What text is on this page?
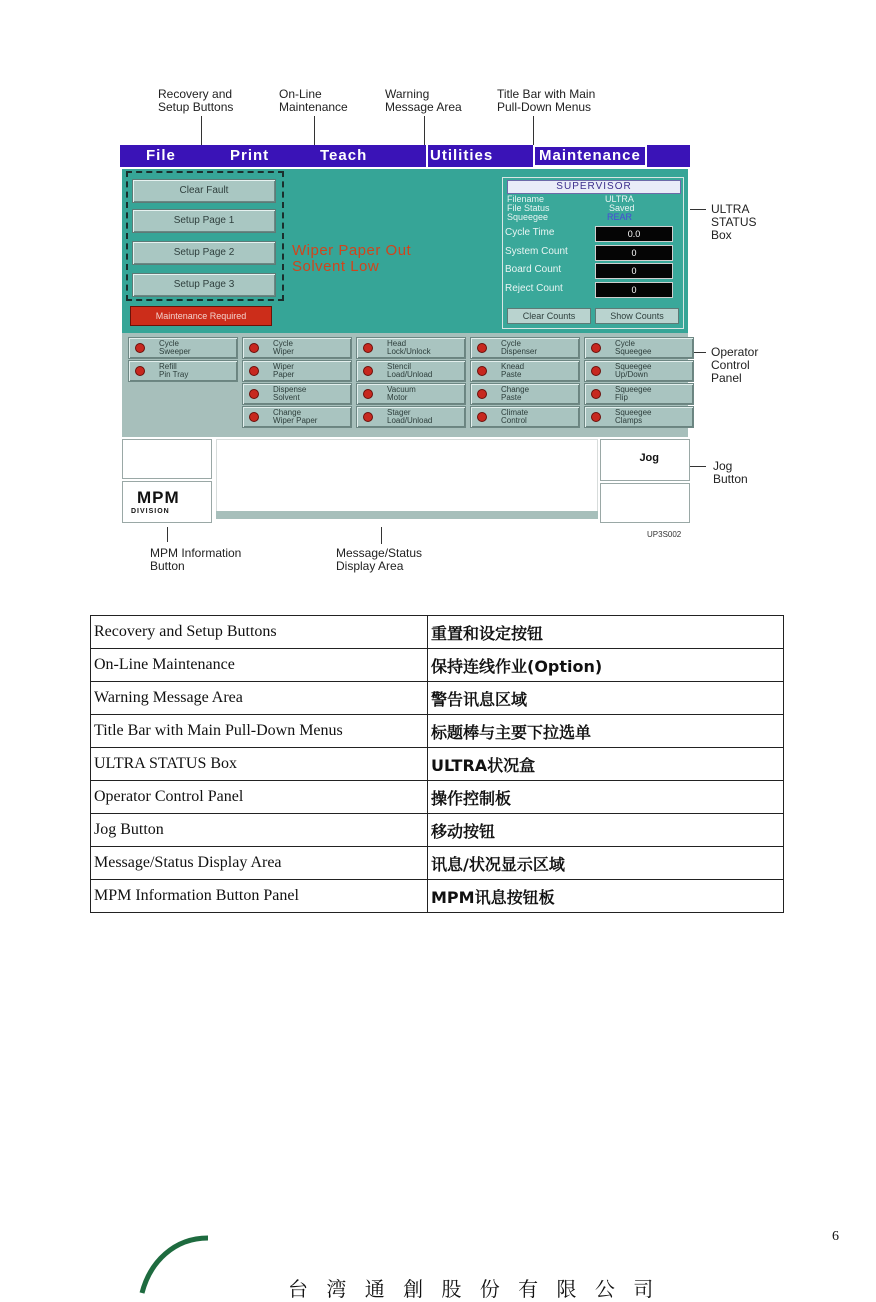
Recovery and
Setup Buttons
On-Line
Maintenance
Warning
Message Area
Title Bar with Main
Pull-Down Menus
ULTRA
STATUS
Box
Operator
Control
Panel
Jog
Button
File	Print	Teach	Utilities	Maintenance
Clear Fault
Setup Page 1
Setup Page 2
Setup Page 3
Maintenance Required
Wiper Paper Out
Solvent Low
SUPERVISOR
Filename	ULTRA
File Status	Saved
Squeegee	REAR
Cycle Time	0.0
System Count	0
Board Count	0
Reject Count	0
Clear Counts	Show Counts
Cycle
Sweeper
Cycle
Wiper
Head
Lock/Unlock
Cycle
Dispenser
Cycle
Squeegee
Refill
Pin Tray
Wiper
Paper
Stencil
Load/Unload
Knead
Paste
Squeegee
Up/Down
Dispense
Solvent
Vacuum
Motor
Change
Paste
Squeegee
Flip
Change
Wiper Paper
Stager
Load/Unload
Climate
Control
Squeegee
Clamps
MPM
DIVISION
Jog
UP3S002
MPM Information
Button
Message/Status
Display Area
Recovery and Setup Buttons	重置和设定按钮
On-Line Maintenance	保持连线作业(Option)
Warning Message Area	警告讯息区域
Title Bar with Main Pull-Down Menus	标题棒与主要下拉选单
ULTRA STATUS Box	ULTRA状况盒
Operator Control Panel	操作控制板
Jog Button	移动按钮
Message/Status Display Area	讯息/状况显示区域
MPM Information Button Panel	MPM讯息按钮板
6
台 湾 通 創 股 份 有 限 公 司
